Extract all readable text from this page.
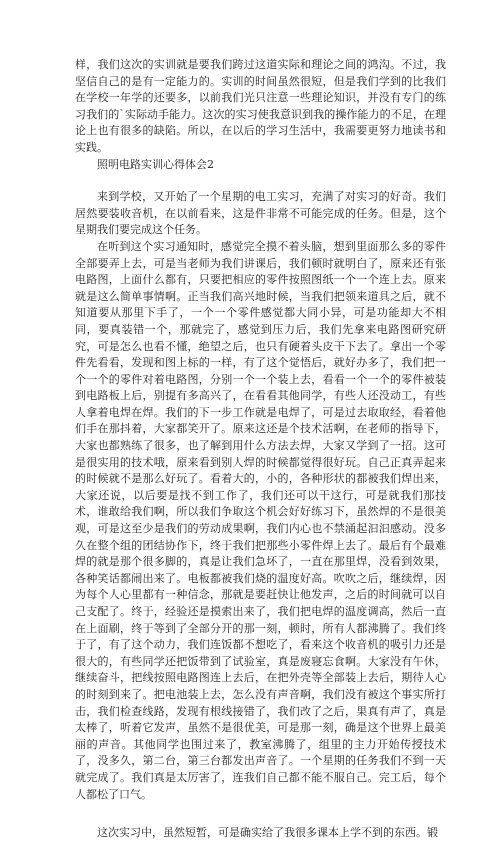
样，我们这次的实训就是要我们跨过这道实际和理论之间的鸿沟。不过，我坚信自己的是有一定能力的。实训的时间虽然很短，但是我们学到的比我们在学校一年学的还要多，以前我们光只注意一些理论知识，并没有专门的练习我们的`实际动手能力。这次的实习使我意识到我的操作能力的不足，在理论上也有很多的缺陷。所以，在以后的学习生活中，我需要更努力地读书和实践。

照明电路实训心得体会2

来到学校，又开始了一个星期的电工实习，充满了对实习的好奇。我们居然要装收音机，在以前看来，这是件非常不可能完成的任务。但是，这个星期我们要完成这个任务。

在听到这个实习通知时，感觉完全摸不着头脑，想到里面那么多的零件全部要弄上去，可是当老师为我们讲课后，我们顿时就明白了，原来还有张电路图，上面什么都有，只要把相应的零件按照图纸一个一个连上去。原来就是这么简单事情啊。正当我们高兴地时候，当我们把领来道具之后，就不知道要从那里下手了，一个一个零件感觉都大同小异，可是功能却大不相同，要真装错一个，那就完了，感觉到压力后，我们先拿来电路图研究研究，可是怎么也看不懂，绝望之后，也只有硬着头皮干下去了。拿出一个零件先看看，发现和图上标的一样，有了这个觉悟后，就好办多了，我们把一个一个的零件对着电路图，分别一个一个装上去，看看一个一个的零件被装到电路板上后，别提有多高兴了，在看看其他同学，有些人还没动工，有些人拿着电焊在焊。我们的下一步工作就是电焊了，可是过去取取经，看着他们手在那抖着，大家都笑开了。原来这还是个技术活啊，在老师的指导下，大家也都熟练了很多，也了解到用什么方法去焊，大家又学到了一招。这可是很实用的技术哦，原来看到别人焊的时候都觉得很好玩。自己正真弄起来的时候就不是那么好玩了。看着大的，小的，各种形状的都被我们焊出来，大家还说，以后要是找不到工作了，我们还可以干这行，可是就我们那技术，谁敢给我们啊，所以我们争取这个机会好好练习下，虽然焊的不是很美观，可是这至少是我们的劳动成果啊，我们内心也不禁涌起汩汩感动。没多久在整个组的团结协作下，终于我们把那些小零件焊上去了。最后有个最难焊的就是那个很多脚的，真是让我们急坏了，一直在那里焊，没看到效果，各种笑话都闹出来了。电板都被我们烧的温度好高。吹吹之后，继续焊，因为每个人心里都有一种信念，那就是要赶快让他发声，之后的时间就可以自己支配了。终于，经验还是摸索出来了，我们把电焊的温度调高，然后一直在上面刷，终于等到了全部分开的那一刻，顿时，所有人都沸腾了。我们终于了，有了这个动力，我们连饭都不想吃了，看来这个收音机的吸引力还是很大的，有些同学还把饭带到了试验室，真是废寝忘食啊。大家没有午休，继续奋斗，把线按照电路图连上去后，在把外壳等全部装上去后，期待人心的时刻到来了。把电池装上去，怎么没有声音啊，我们没有被这个事实所打击，我们检查线路，发现有根线接错了，我们改了之后，果真有声了，真是太棒了，听着它发声，虽然不是很优美，可是那一刻，确是这个世界上最美丽的声音。其他同学也围过来了，教室沸腾了，组里的主力开始传授技术了，没多久，第二台，第三台都发出声音了。一个星期的任务我们不到一天就完成了。我们真是太厉害了，连我们自己都不能不服自己。完工后，每个人都松了口气。

这次实习中，虽然短暂，可是确实给了我很多课本上学不到的东西。锻
